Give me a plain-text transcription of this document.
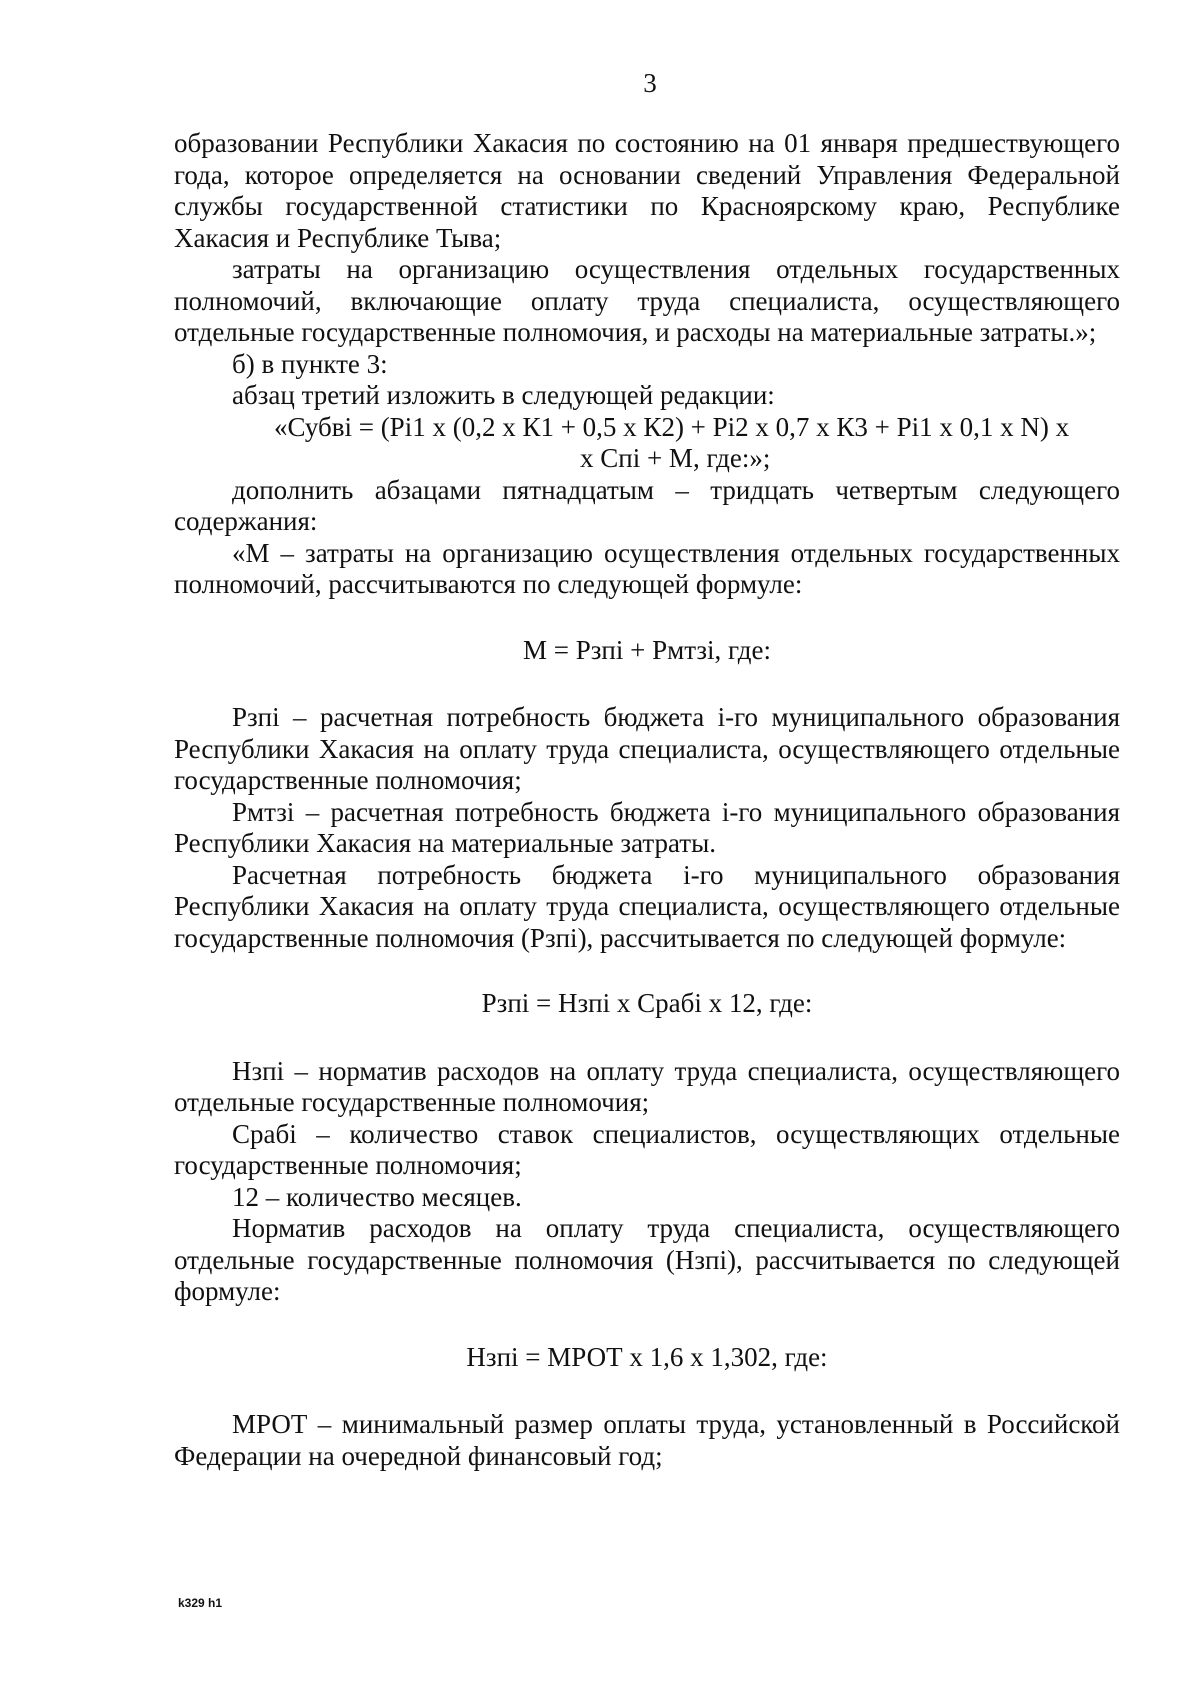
3

образовании Республики Хакасия по состоянию на 01 января предшествующего года, которое определяется на основании сведений Управления Федеральной службы государственной статистики по Красноярскому краю, Республике Хакасия и Республике Тыва;

затраты на организацию осуществления отдельных государственных полномочий, включающие оплату труда специалиста, осуществляющего отдельные государственные полномочия, и расходы на материальные затраты.»;

б) в пункте 3:

абзац третий изложить в следующей редакции:

«Субвi = (Рi1 х (0,2 х К1 + 0,5 х К2) + Рi2 х 0,7 х К3 + Рi1 х 0,1 х N) х

х Спi + М, где:»;

дополнить абзацами пятнадцатым – тридцать четвертым следующего содержания:

«М – затраты на организацию осуществления отдельных государственных полномочий, рассчитываются по следующей формуле:

М = Рзпi + Рмтзi, где:

Рзпi – расчетная потребность бюджета i-го муниципального образования Республики Хакасия на оплату труда специалиста, осуществляющего отдельные государственные полномочия;

Рмтзi – расчетная потребность бюджета i-го муниципального образования Республики Хакасия на материальные затраты.

Расчетная потребность бюджета i-го муниципального образования Республики Хакасия на оплату труда специалиста, осуществляющего отдельные государственные полномочия (Рзпi), рассчитывается по следующей формуле:

Рзпi = Нзпi х Срабi х 12, где:

Нзпi – норматив расходов на оплату труда специалиста, осуществляющего отдельные государственные полномочия;

Срабi – количество ставок специалистов, осуществляющих отдельные государственные полномочия;

12 – количество месяцев.

Норматив расходов на оплату труда специалиста, осуществляющего отдельные государственные полномочия (Нзпi), рассчитывается по следующей формуле:

Нзпi = МРОТ х 1,6 х 1,302, где:

МРОТ – минимальный размер оплаты труда, установленный в Российской Федерации на очередной финансовый год;

k329 h1
